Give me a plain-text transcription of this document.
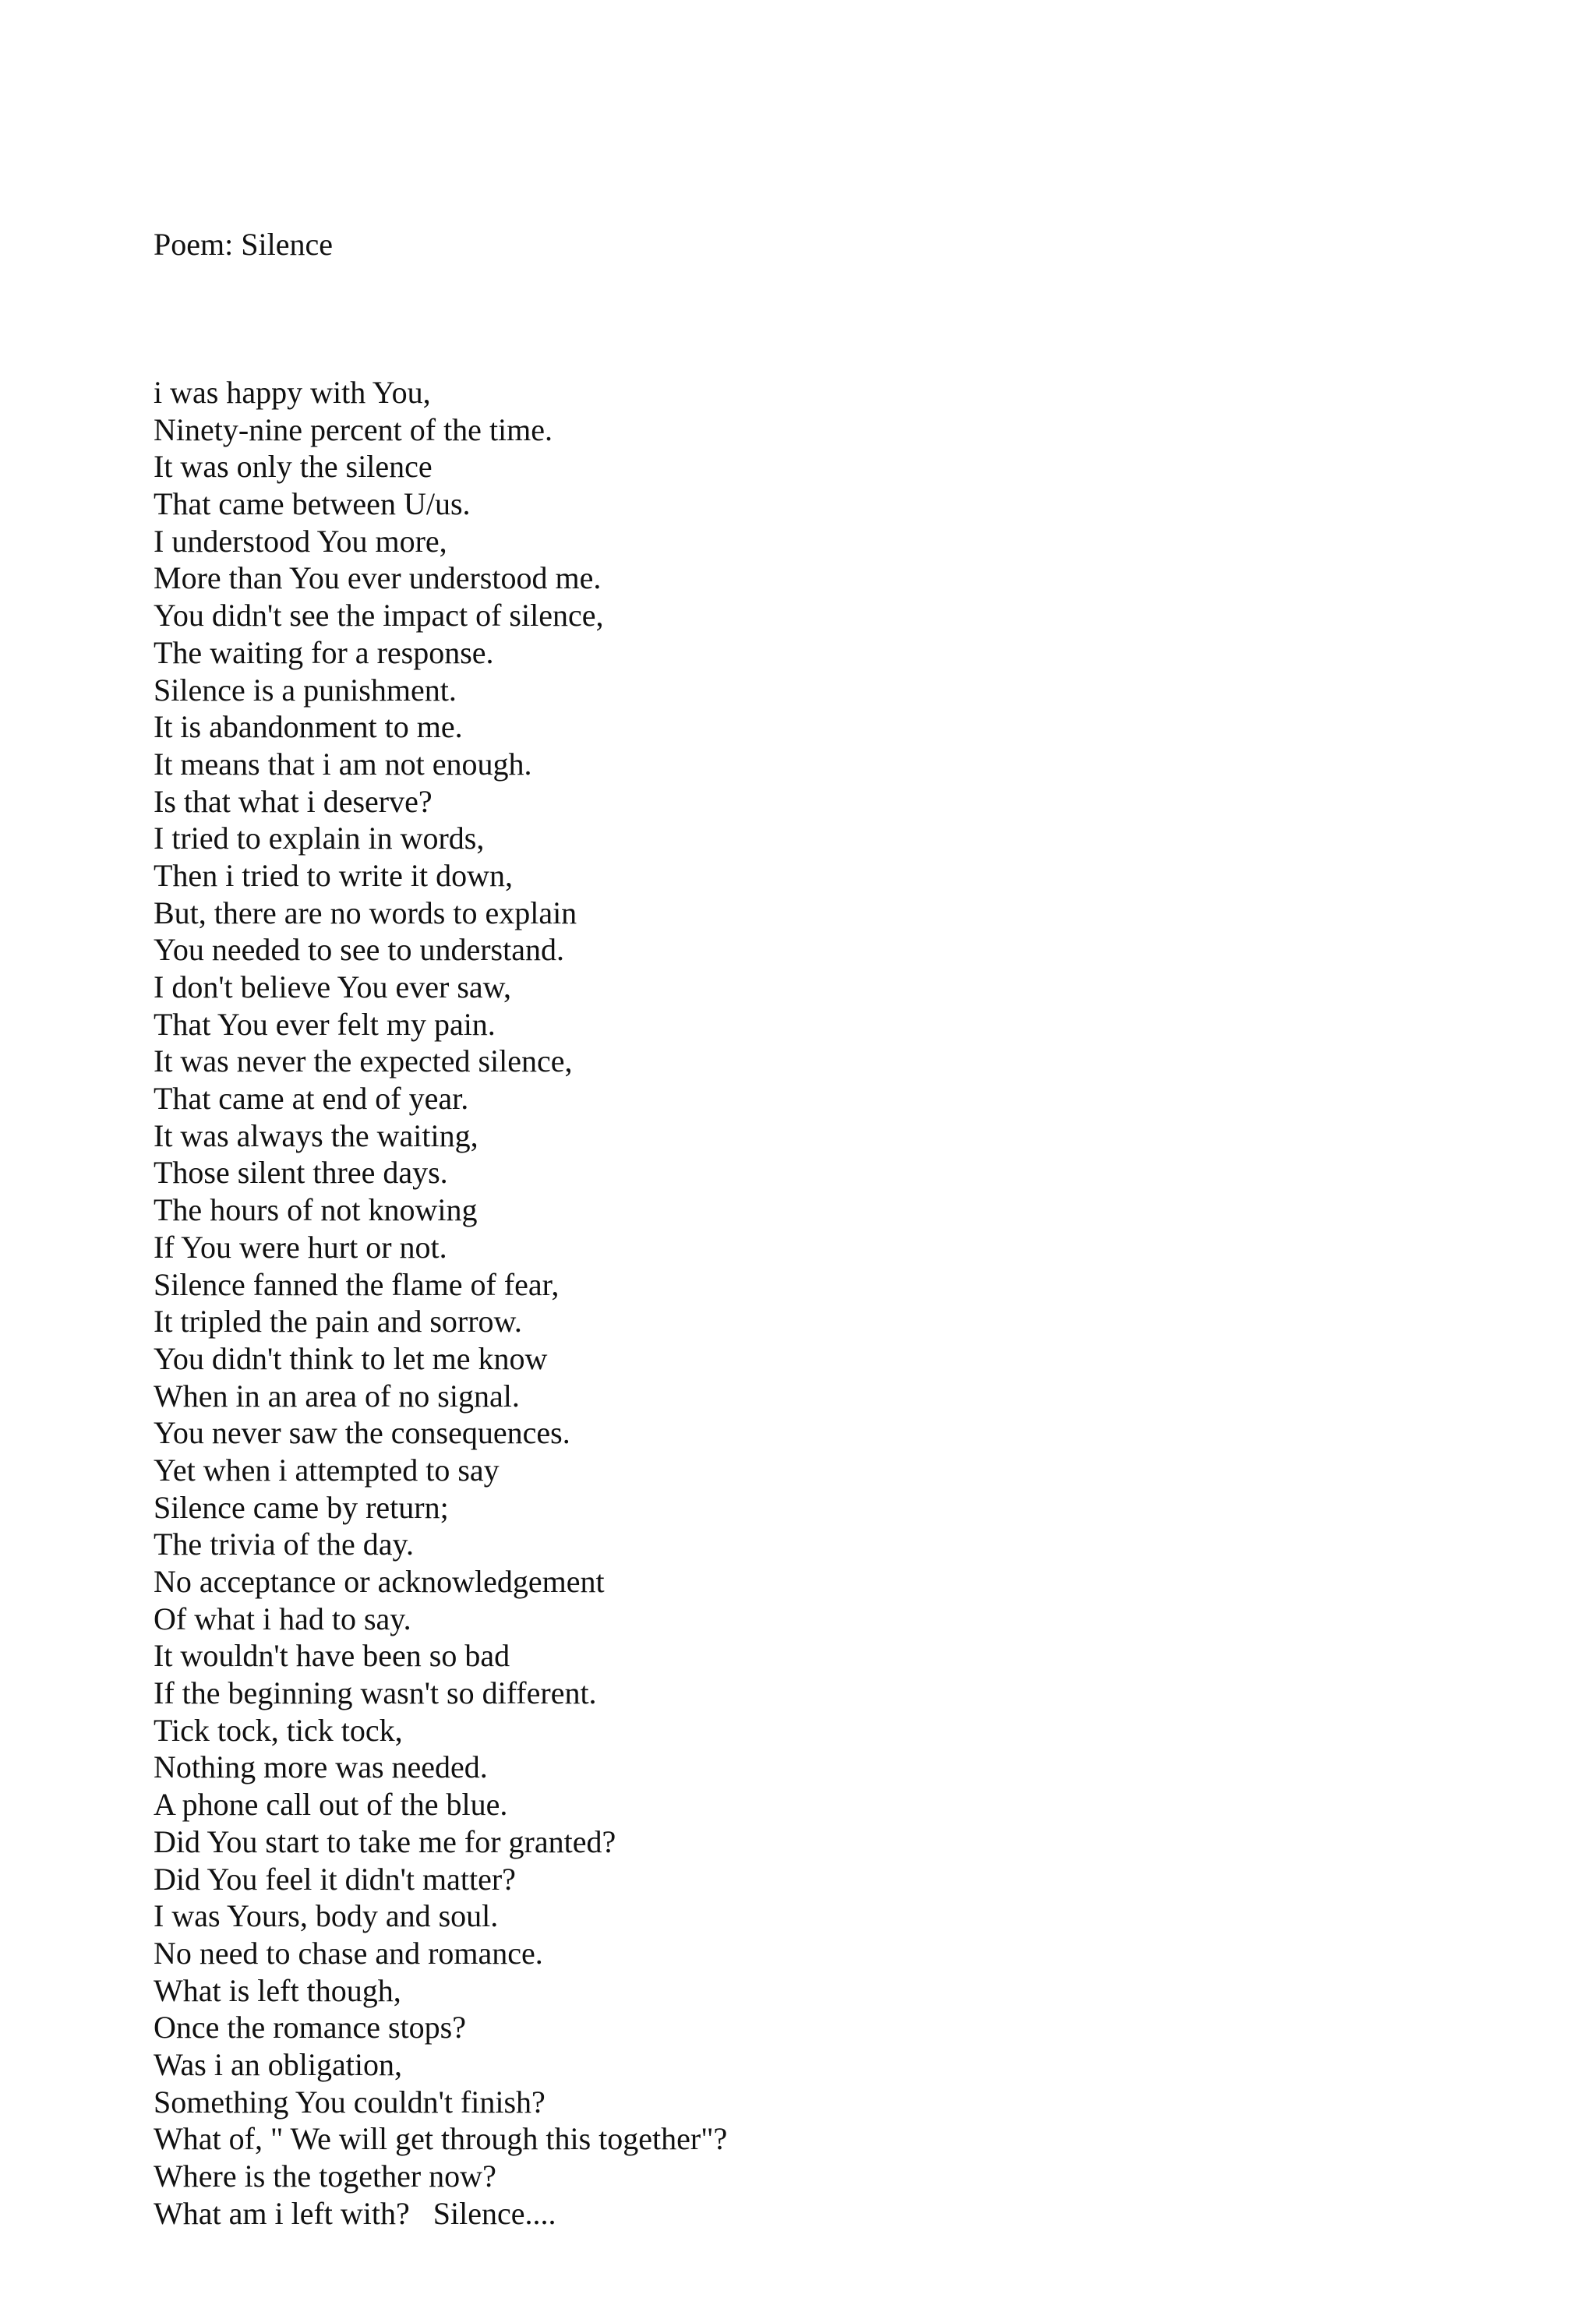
Poem: Silence

i was happy with You,
Ninety-nine percent of the time.
It was only the silence
That came between U/us.
I understood You more,
More than You ever understood me.
You didn't see the impact of silence,
The waiting for a response.
Silence is a punishment.
It is abandonment to me.
It means that i am not enough.
Is that what i deserve?
I tried to explain in words,
Then i tried to write it down,
But, there are no words to explain
You needed to see to understand.
I don't believe You ever saw,
That You ever felt my pain.
It was never the expected silence,
That came at end of year.
It was always the waiting,
Those silent three days.
The hours of not knowing
If You were hurt or not.
Silence fanned the flame of fear,
It tripled the pain and sorrow.
You didn't think to let me know
When in an area of no signal.
You never saw the consequences.
Yet when i attempted to say
Silence came by return;
The trivia of the day.
No acceptance or acknowledgement
Of what i had to say.
It wouldn't have been so bad
If the beginning wasn't so different.
Tick tock, tick tock,
Nothing more was needed.
A phone call out of the blue.
Did You start to take me for granted?
Did You feel it didn't matter?
I was Yours, body and soul.
No need to chase and romance.
What is left though,
Once the romance stops?
Was i an obligation,
Something You couldn't finish?
What of, " We will get through this together"?
Where is the together now?
What am i left with?   Silence....
